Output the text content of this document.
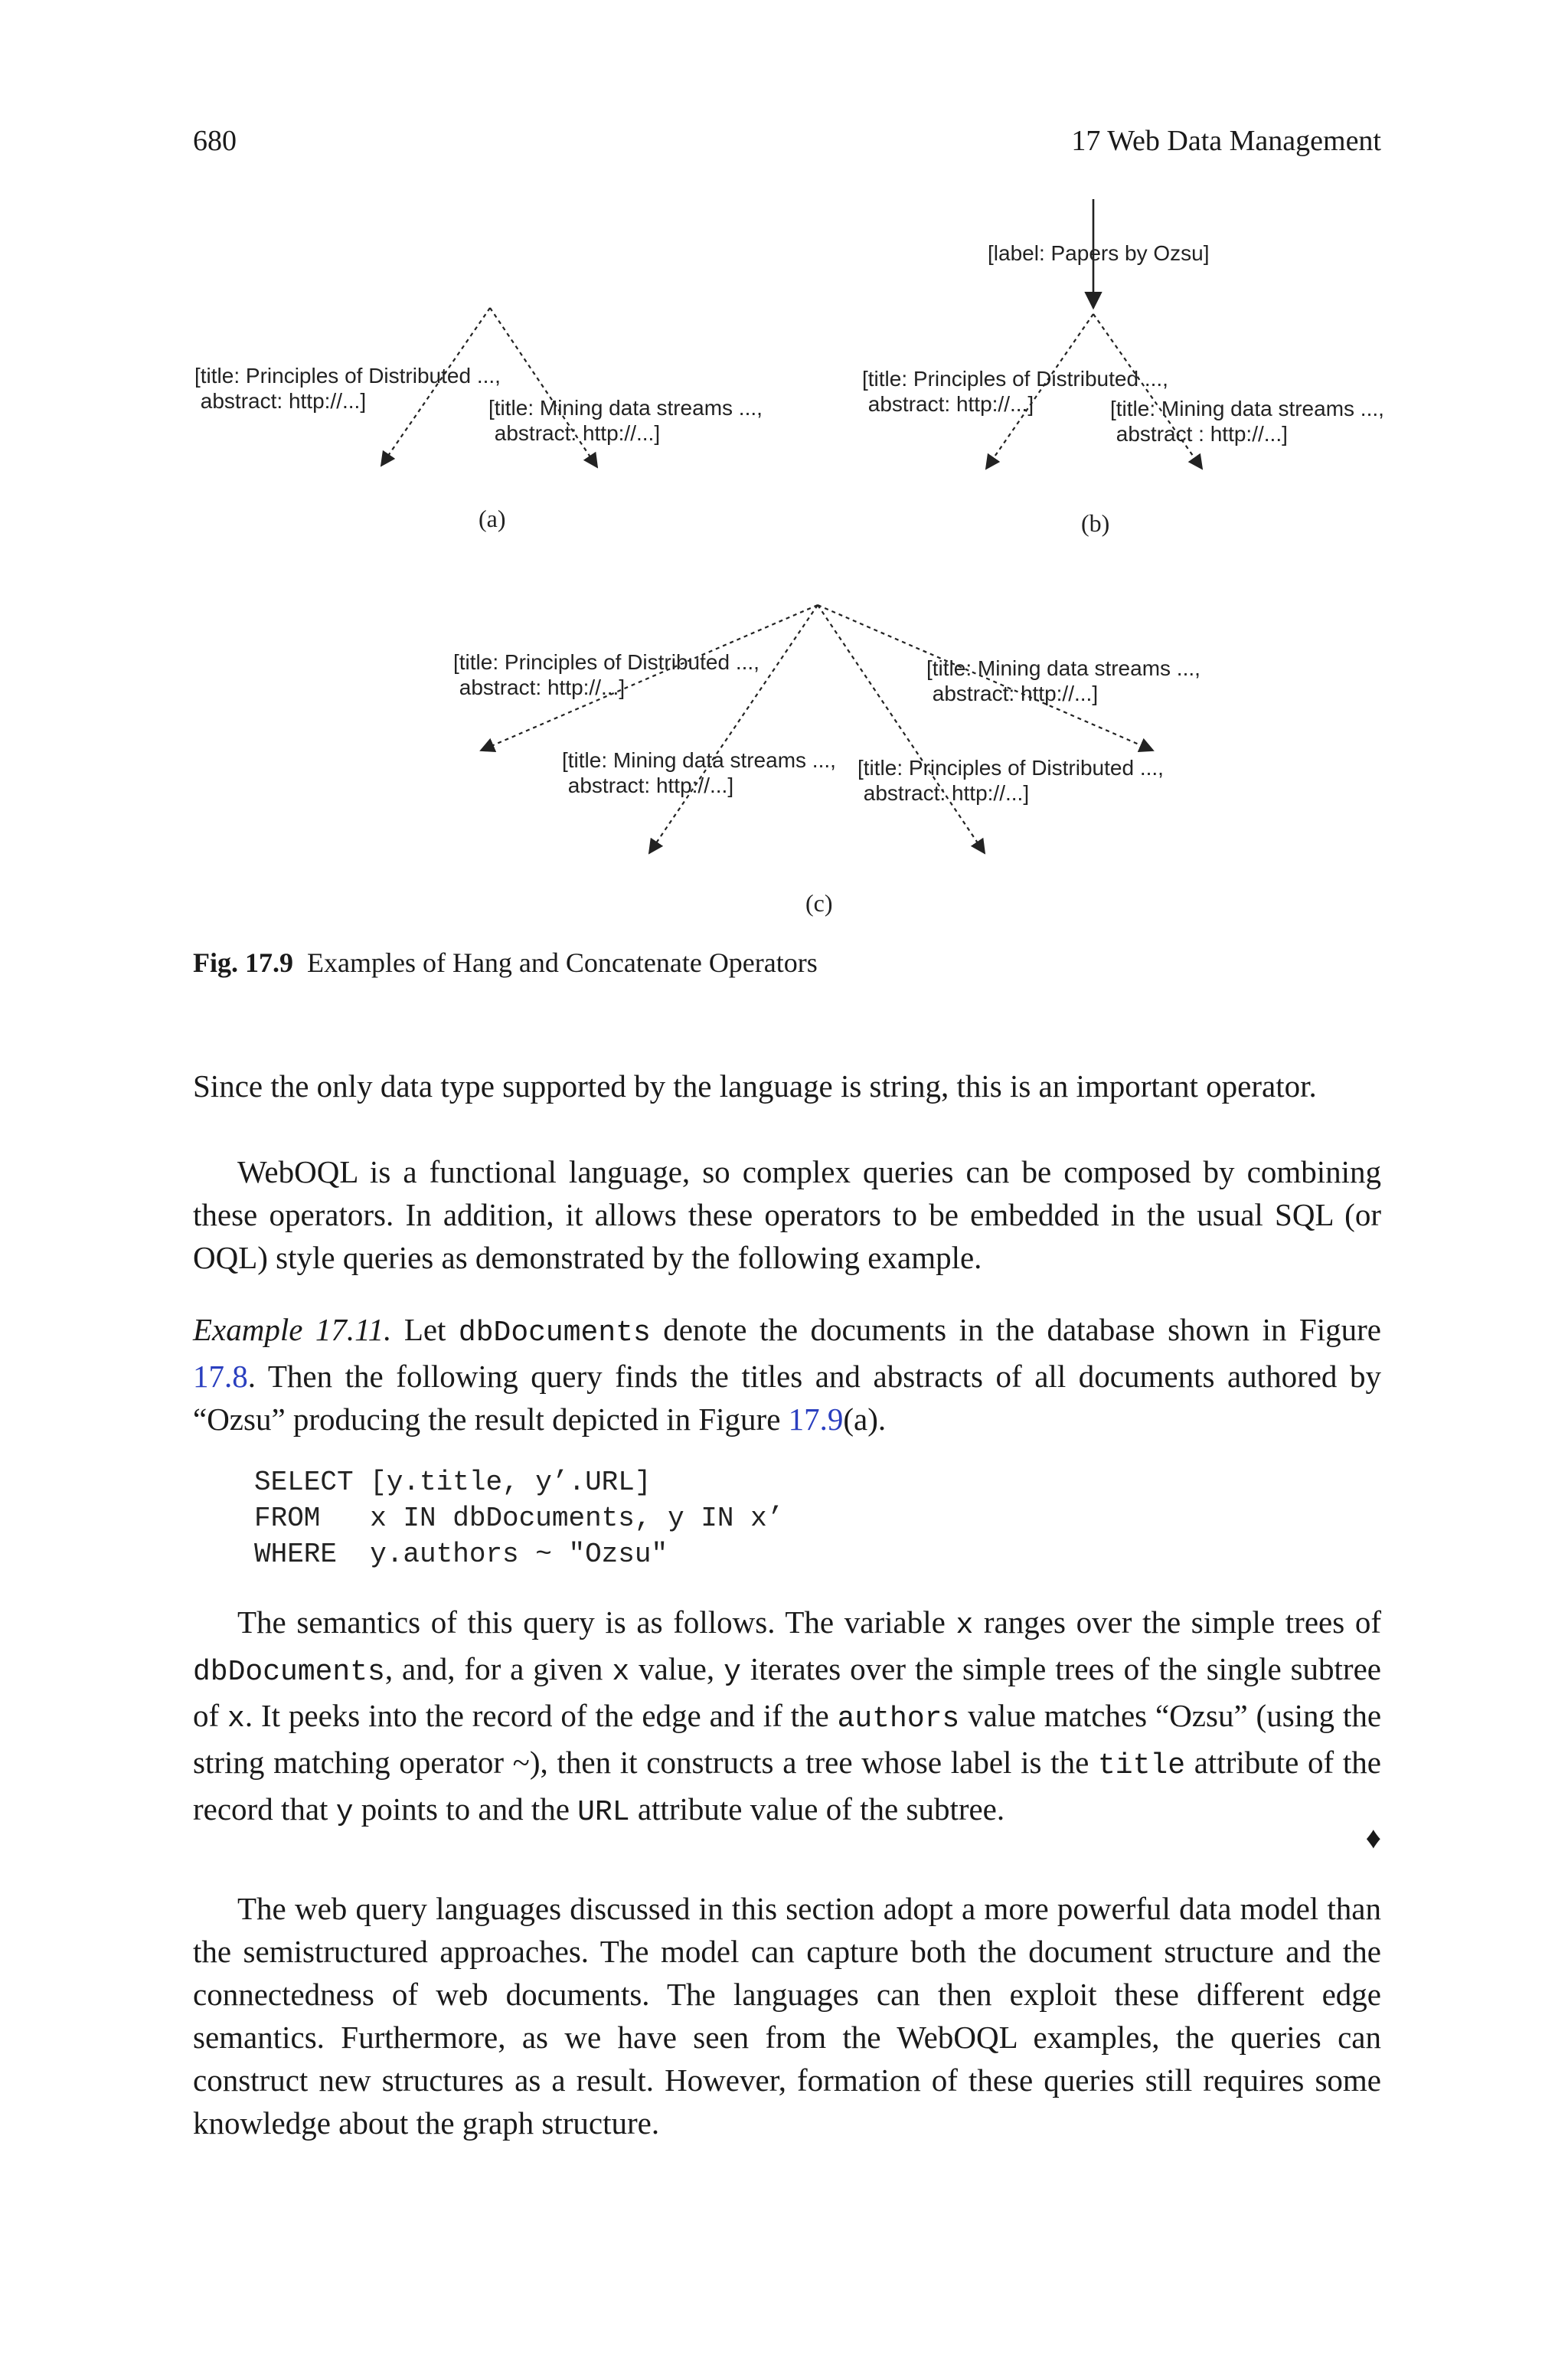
680	17 Web Data Management
[title: Principles of Distributed ...,
abstract: http://...]	[title: Mining data streams ...,
abstract: http://...]
(a)
[label: Papers by Ozsu]
[title: Principles of Distributed ...,
abstract: http://...]	[title: Mining data streams ...,
abstract : http://...]
(b)
[title: Principles of Distributed ...,
abstract: http://...]
[title: Mining data streams ...,
abstract: http://...]
[title: Mining data streams ...,
abstract: http://...]
[title: Principles of Distributed ...,
abstract: http://...]
(c)
Fig. 17.9 Examples of Hang and Concatenate Operators
Since the only data type supported by the language is string, this is an important operator.
WebOQL is a functional language, so complex queries can be composed by combining these operators. In addition, it allows these operators to be embedded in the usual SQL (or OQL) style queries as demonstrated by the following example.
Example 17.11. Let dbDocuments denote the documents in the database shown in Figure 17.8. Then the following query finds the titles and abstracts of all documents authored by “Ozsu” producing the result depicted in Figure 17.9(a).
SELECT [y.title, y’.URL]
FROM   x IN dbDocuments, y IN x’
WHERE  y.authors ~ "Ozsu"
The semantics of this query is as follows. The variable x ranges over the simple trees of dbDocuments, and, for a given x value, y iterates over the simple trees of the single subtree of x. It peeks into the record of the edge and if the authors value matches “Ozsu” (using the string matching operator ~), then it constructs a tree whose label is the title attribute of the record that y points to and the URL attribute value of the subtree.
♦
The web query languages discussed in this section adopt a more powerful data model than the semistructured approaches. The model can capture both the document structure and the connectedness of web documents. The languages can then exploit these different edge semantics. Furthermore, as we have seen from the WebOQL examples, the queries can construct new structures as a result. However, formation of these queries still requires some knowledge about the graph structure.
